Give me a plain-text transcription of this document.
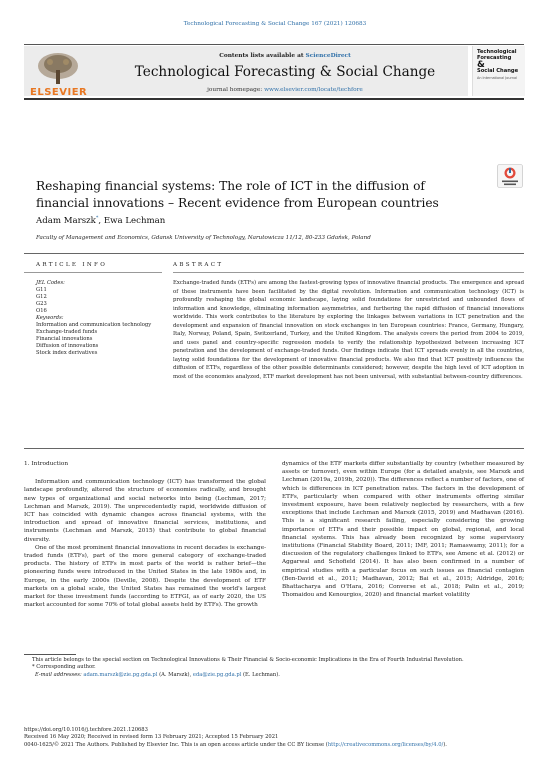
Technological Forecasting & Social Change 167 (2021) 120683
ELSEVIER
Contents lists available at ScienceDirect
Technological Forecasting & Social Change
journal homepage: www.elsevier.com/locate/techfore
Technological
Forecasting
&
Social Change
An International Journal
Reshaping financial systems: The role of ICT in the diffusion of financial innovations – Recent evidence from European countries
Adam Marszk*, Ewa Lechman
Faculty of Management and Economics, Gdansk University of Technology, Narutowicza 11/12, 80-233 Gdańsk, Poland
ARTICLE INFO	ABSTRACT
JEL Codes:
G11
G12
G23
O16
Keywords:
Information and communication technology
Exchange-traded funds
Financial innovations
Diffusion of innovations
Stock index derivatives
Exchange-traded funds (ETFs) are among the fastest-growing types of innovative financial products. The emergence and spread of these instruments have been facilitated by the digital revolution. Information and communication technology (ICT) is profoundly reshaping the global economic landscape, laying solid foundations for unrestricted and unbounded flows of information and knowledge, eliminating information asymmetries, and furthering the rapid diffusion of financial innovations worldwide. This work contributes to the literature by exploring the linkages between variations in ICT penetration and the development and expansion of financial innovation on stock exchanges in ten European countries: France, Germany, Hungary, Italy, Norway, Poland, Spain, Switzerland, Turkey, and the United Kingdom. The analysis covers the period from 2004 to 2019, and uses panel and country-specific regression models to verify the relationship hypothesized between increasing ICT penetration and the development of exchange-traded funds. Our findings indicate that ICT spreads evenly in all the countries, laying solid foundations for the development of innovative financial products. We also find that ICT positively influences the diffusion of ETFs, regardless of the other possible determinants considered; however, despite the high level of ICT adoption in most of the economies analyzed, ETF market development has not been universal, with substantial between-country differences.
1. Introduction

Information and communication technology (ICT) has transformed the global landscape profoundly, altered the structure of economies radically, and brought new types of organizational and social networks into being (Lechman, 2017; Lechman and Marszk, 2019). The unprecedentedly rapid, worldwide diffusion of ICT has coincided with dynamic changes across financial systems, with the introduction and spread of innovative financial services, institutions, and instruments (Lechman and Marszk, 2015) that contribute to global financial diversity.

One of the most prominent financial innovations in recent decades is exchange-traded funds (ETFs), part of the more general category of exchange-traded products. The history of ETFs in most parts of the world is rather brief—the pioneering funds were introduced in the United States in the late 1980s and, in Europe, in the early 2000s (Deville, 2008). Despite the development of ETF markets on a global scale, the United States has remained the world's largest market for these investment funds (according to ETFGI, as of early 2020, the US market accounted for some 70% of total global assets held by ETFs). The growth

dynamics of the ETF markets differ substantially by country (whether measured by assets or turnover), even within Europe (for a detailed analysis, see Marszk and Lechman (2019a, 2019b, 2020)). The differences reflect a number of factors, one of which is differences in ICT penetration rates. The factors in the development of ETFs, particularly when compared with other instruments offering similar investment exposure, have been relatively neglected by researchers, with a few exceptions that include Lechman and Marszk (2015, 2019) and Madhavan (2016). This is a significant research failing, especially considering the growing importance of ETFs and their possible impact on global, regional, and local financial systems. This has already been recognized by some supervisory institutions (Financial Stability Board, 2011; IMF, 2011; Ramaswamy, 2011); for a discussion of the regulatory challenges linked to ETFs, see Amenc et al. (2012) or Aggarwal and Schofield (2014). It has also been confirmed in a number of empirical studies with a particular focus on such issues as financial contagion (Ben-David et al., 2011; Madhavan, 2012; Bai et al., 2015; Aldridge, 2016; Bhattacharya and O'Hara, 2016; Converse et al., 2018; Palin et al., 2019; Thomaidou and Kenourgios, 2020) and financial market volatility

This article belongs to the special section on Technological Innovations & Their Financial & Socio-economic Implications in the Era of Fourth Industrial Revolution.
* Corresponding author.
E-mail addresses: adam.marszk@zie.pg.gda.pl (A. Marszk), eda@zie.pg.gda.pl (E. Lechman).
https://doi.org/10.1016/j.techfore.2021.120683
Received 16 May 2020; Received in revised form 13 February 2021; Accepted 15 February 2021
0040-1625/© 2021 The Authors. Published by Elsevier Inc. This is an open access article under the CC BY license (http://creativecommons.org/licenses/by/4.0/).
